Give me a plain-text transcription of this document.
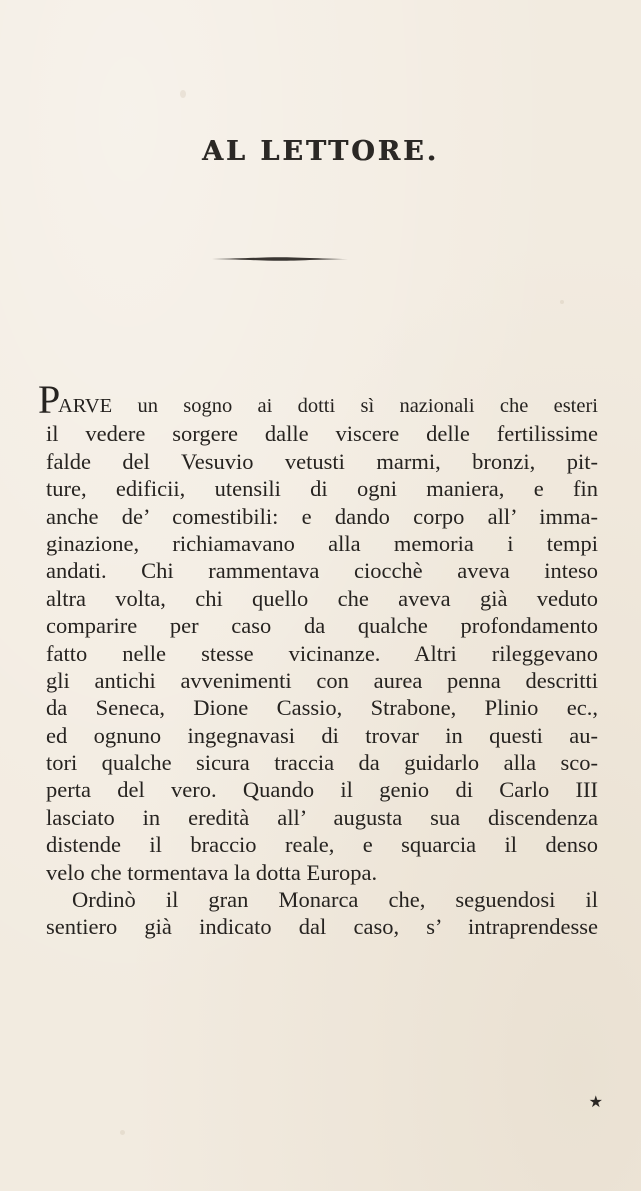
AL LETTORE.
P
ARVE un sogno ai dotti sì nazionali che esteri
il vedere sorgere dalle viscere delle fertilissime
falde del Vesuvio vetusti marmi, bronzi, pit-
ture, edificii, utensili di ogni maniera, e fin
anche de’ comestibili: e dando corpo all’ imma-
ginazione, richiamavano alla memoria i tempi
andati. Chi rammentava ciocchè aveva inteso
altra volta, chi quello che aveva già veduto
comparire per caso da qualche profondamento
fatto nelle stesse vicinanze. Altri rileggevano
gli antichi avvenimenti con aurea penna descritti
da Seneca, Dione Cassio, Strabone, Plinio ec.,
ed ognuno ingegnavasi di trovar in questi au-
tori qualche sicura traccia da guidarlo alla sco-
perta del vero. Quando il genio di Carlo III
lasciato in eredità all’ augusta sua discendenza
distende il braccio reale, e squarcia il denso
velo che tormentava la dotta Europa.
Ordinò il gran Monarca che, seguendosi il
sentiero già indicato dal caso, s’ intraprendesse
★
